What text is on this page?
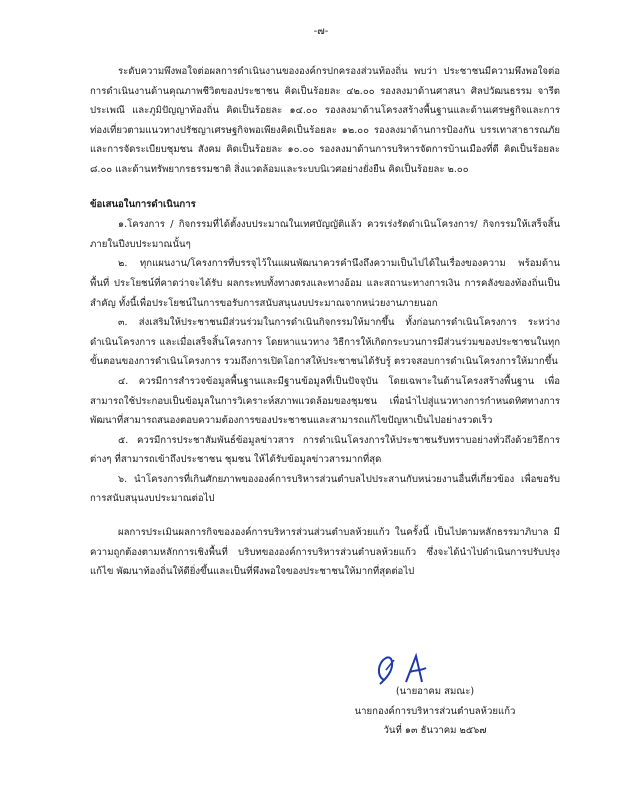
-๗-

ระดับความพึงพอใจต่อผลการดำเนินงานขององค์กรปกครองส่วนท้องถิ่น พบว่า ประชาชนมีความพึงพอใจต่อการดำเนินงานด้านคุณภาพชีวิตของประชาชน คิดเป็นร้อยละ ๔๒.๐๐ รองลงมาด้านศาสนา ศิลปวัฒนธรรม จารีตประเพณี และภูมิปัญญาท้องถิ่น คิดเป็นร้อยละ ๑๔.๐๐ รองลงมาด้านโครงสร้างพื้นฐานและด้านเศรษฐกิจและการท่องเที่ยวตามแนวทางปรัชญาเศรษฐกิจพอเพียงคิดเป็นร้อยละ ๑๒.๐๐ รองลงมาด้านการป้องกัน บรรเทาสาธารณภัยและการจัดระเบียบชุมชน สังคม คิดเป็นร้อยละ ๑๐.๐๐ รองลงมาด้านการบริหารจัดการบ้านเมืองที่ดี คิดเป็นร้อยละ ๘.๐๐ และด้านทรัพยากรธรรมชาติ สิ่งแวดล้อมและระบบนิเวศอย่างยั่งยืน คิดเป็นร้อยละ ๒.๐๐

ข้อเสนอในการดำเนินการ

๑.โครงการ / กิจกรรมที่ได้ตั้งงบประมาณในเทศบัญญัติแล้ว ควรเร่งรัดดำเนินโครงการ/ กิจกรรมให้เสร็จสิ้นภายในปีงบประมาณนั้นๆ

๒. ทุกแผนงาน/โครงการที่บรรจุไว้ในแผนพัฒนาควรคำนึงถึงความเป็นไปได้ในเรื่องของความ พร้อมด้านพื้นที่ ประโยชน์ที่คาดว่าจะได้รับ ผลกระทบทั้งทางตรงและทางอ้อม และสถานะทางการเงิน การคลังของท้องถิ่นเป็นสำคัญ ทั้งนี้เพื่อประโยชน์ในการขอรับการสนับสนุนงบประมาณจากหน่วยงานภายนอก

๓. ส่งเสริมให้ประชาชนมีส่วนร่วมในการดำเนินกิจกรรมให้มากขึ้น ทั้งก่อนการดำเนินโครงการ ระหว่างดำเนินโครงการ และเมื่อเสร็จสิ้นโครงการ โดยหาแนวทาง วิธีการให้เกิดกระบวนการมีส่วนร่วมของประชาชนในทุกขั้นตอนของการดำเนินโครงการ รวมถึงการเปิดโอกาสให้ประชาชนได้รับรู้ ตรวจสอบการดำเนินโครงการให้มากขึ้น

๔. ควรมีการสำรวจข้อมูลพื้นฐานและมีฐานข้อมูลที่เป็นปัจจุบัน โดยเฉพาะในด้านโครงสร้างพื้นฐาน เพื่อสามารถใช้ประกอบเป็นข้อมูลในการวิเคราะห์สภาพแวดล้อมของชุมชน เพื่อนำไปสู่แนวทางการกำหนดทิศทางการพัฒนาที่สามารถสนองตอบความต้องการของประชาชนและสามารถแก้ไขปัญหาเป็นไปอย่างรวดเร็ว

๕. ควรมีการประชาสัมพันธ์ข้อมูลข่าวสาร การดำเนินโครงการให้ประชาชนรับทราบอย่างทั่วถึงด้วยวิธีการต่างๆ ที่สามารถเข้าถึงประชาชน ชุมชน ให้ได้รับข้อมูลข่าวสารมากที่สุด

๖. นำโครงการที่เกินศักยภาพขององค์การบริหารส่วนตำบลไปประสานกับหน่วยงานอื่นที่เกี่ยวข้อง เพื่อขอรับการสนับสนุนงบประมาณต่อไป

ผลการประเมินผลการกิจขององค์การบริหารส่วนส่วนตำบลห้วยแก้ว ในครั้งนี้ เป็นไปตามหลักธรรมาภิบาล มีความถูกต้องตามหลักการเชิงพื้นที่ บริบทขององค์การบริหารส่วนตำบลห้วยแก้ว ซึ่งจะได้นำไปดำเนินการปรับปรุง แก้ไข พัฒนาท้องถิ่นให้ดียิ่งขึ้นและเป็นที่พึงพอใจของประชาชนให้มากที่สุดต่อไป

(นายอาคม สมณะ)
นายกองค์การบริหารส่วนตำบลห้วยแก้ว
วันที่ ๑๓ ธันวาคม ๒๕๖๗
